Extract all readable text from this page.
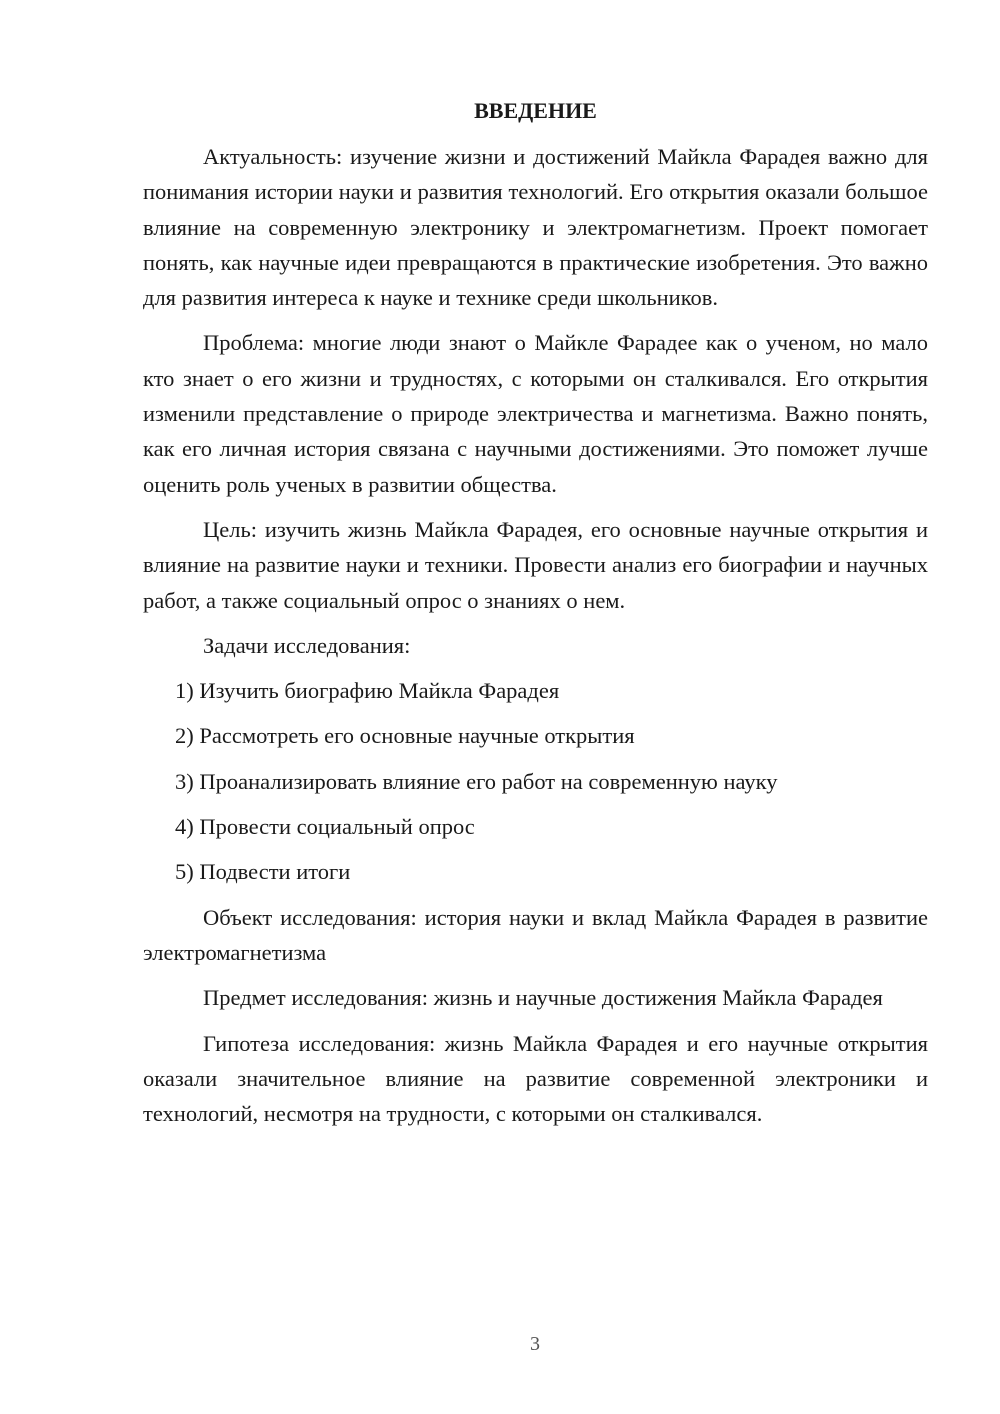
ВВЕДЕНИЕ

Актуальность: изучение жизни и достижений Майкла Фарадея важно для понимания истории науки и развития технологий. Его открытия оказали большое влияние на современную электронику и электромагнетизм. Проект помогает понять, как научные идеи превращаются в практические изобретения. Это важно для развития интереса к науке и технике среди школьников.

Проблема: многие люди знают о Майкле Фарадее как о ученом, но мало кто знает о его жизни и трудностях, с которыми он сталкивался. Его открытия изменили представление о природе электричества и магнетизма. Важно понять, как его личная история связана с научными достижениями. Это поможет лучше оценить роль ученых в развитии общества.

Цель: изучить жизнь Майкла Фарадея, его основные научные открытия и влияние на развитие науки и техники. Провести анализ его биографии и научных работ, а также социальный опрос о знаниях о нем.

Задачи исследования:

1) Изучить биографию Майкла Фарадея
2) Рассмотреть его основные научные открытия
3) Проанализировать влияние его работ на современную науку
4) Провести социальный опрос
5) Подвести итоги

Объект исследования: история науки и вклад Майкла Фарадея в развитие электромагнетизма

Предмет исследования: жизнь и научные достижения Майкла Фарадея

Гипотеза исследования: жизнь Майкла Фарадея и его научные открытия оказали значительное влияние на развитие современной электроники и технологий, несмотря на трудности, с которыми он сталкивался.

3
